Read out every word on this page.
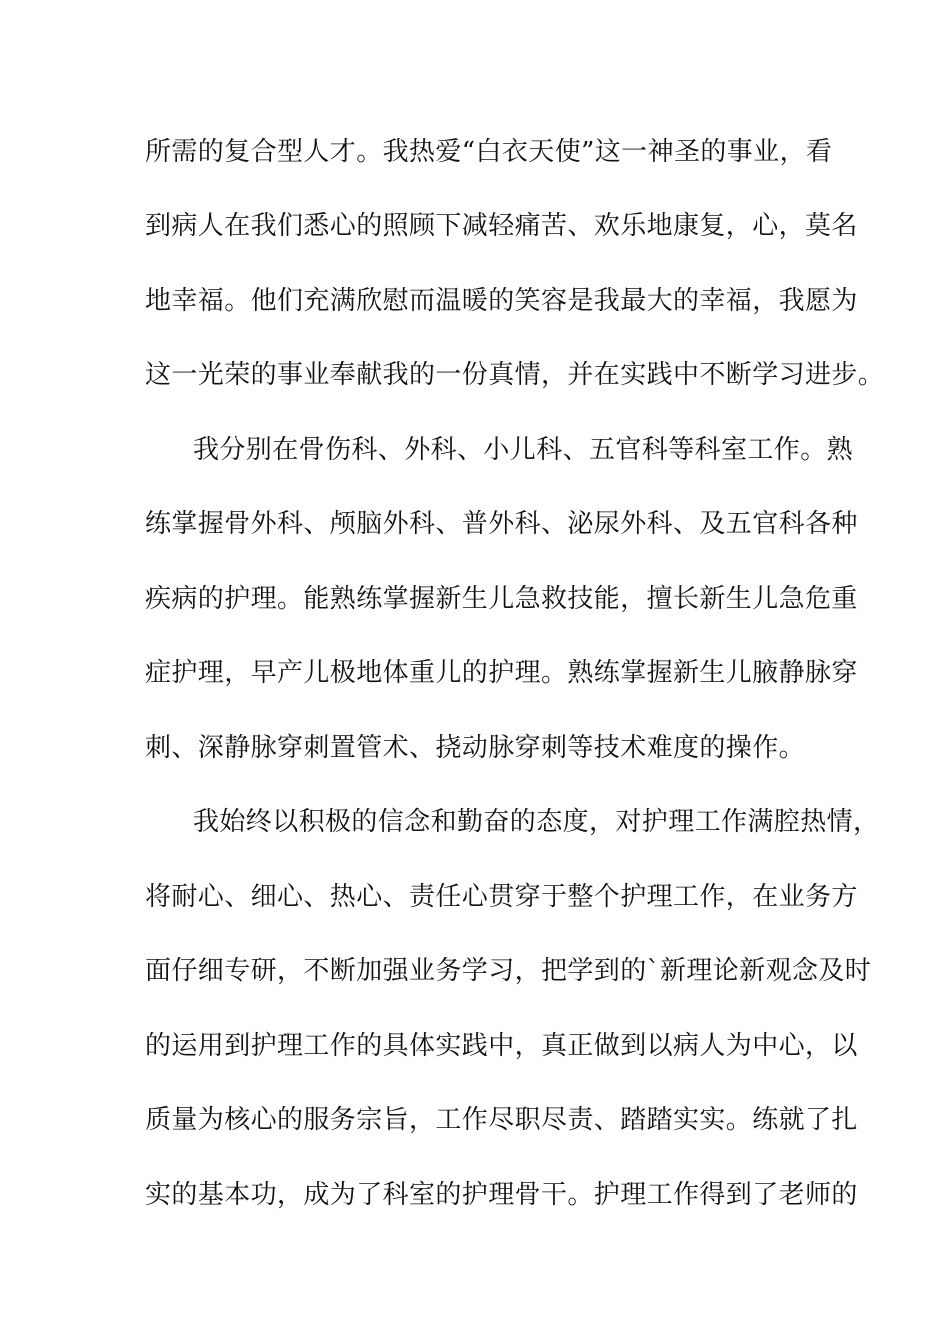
所需的复合型人才。我热爱“白衣天使”这一神圣的事业，看
到病人在我们悉心的照顾下减轻痛苦、欢乐地康复，心，莫名
地幸福。他们充满欣慰而温暖的笑容是我最大的幸福，我愿为
这一光荣的事业奉献我的一份真情，并在实践中不断学习进步。
我分别在骨伤科、外科、小儿科、五官科等科室工作。熟
练掌握骨外科、颅脑外科、普外科、泌尿外科、及五官科各种
疾病的护理。能熟练掌握新生儿急救技能，擅长新生儿急危重
症护理，早产儿极地体重儿的护理。熟练掌握新生儿腋静脉穿
刺、深静脉穿刺置管术、挠动脉穿刺等技术难度的操作。
我始终以积极的信念和勤奋的态度，对护理工作满腔热情，
将耐心、细心、热心、责任心贯穿于整个护理工作，在业务方
面仔细专研，不断加强业务学习，把学到的`新理论新观念及时
的运用到护理工作的具体实践中，真正做到以病人为中心，以
质量为核心的服务宗旨，工作尽职尽责、踏踏实实。练就了扎
实的基本功，成为了科室的护理骨干。护理工作得到了老师的
